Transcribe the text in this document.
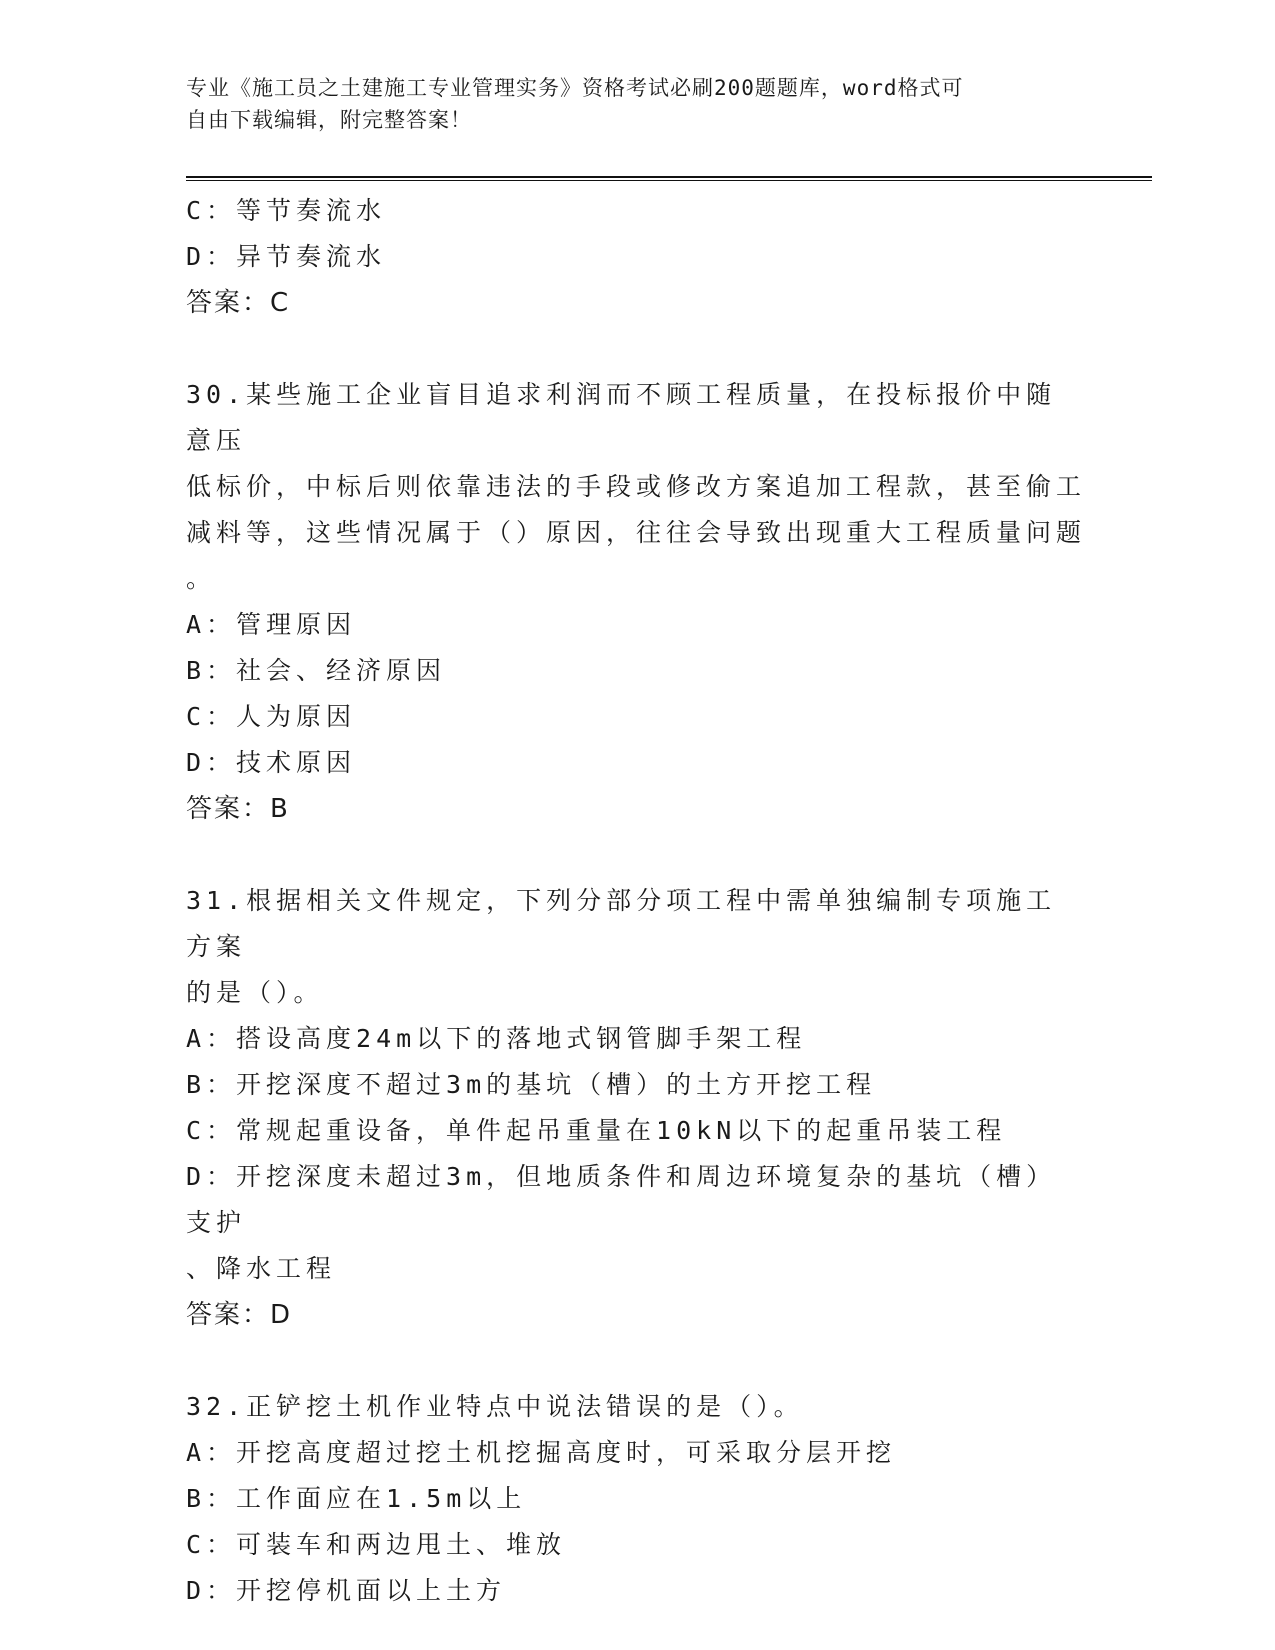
专业《施工员之土建施工专业管理实务》资格考试必刷200题题库，word格式可
自由下载编辑，附完整答案！
C：等节奏流水
D：异节奏流水
答案：C
30.某些施工企业盲目追求利润而不顾工程质量，在投标报价中随意压
低标价，中标后则依靠违法的手段或修改方案追加工程款，甚至偷工
减料等，这些情况属于（）原因，往往会导致出现重大工程质量问题
。
A：管理原因
B：社会、经济原因
C：人为原因
D：技术原因
答案：B
31.根据相关文件规定，下列分部分项工程中需单独编制专项施工方案
的是（）。
A：搭设高度24m以下的落地式钢管脚手架工程
B：开挖深度不超过3m的基坑（槽）的土方开挖工程
C：常规起重设备，单件起吊重量在10kN以下的起重吊装工程
D：开挖深度未超过3m，但地质条件和周边环境复杂的基坑（槽）支护
、降水工程
答案：D
32.正铲挖土机作业特点中说法错误的是（）。
A：开挖高度超过挖土机挖掘高度时，可采取分层开挖
B：工作面应在1.5m以上
C：可装车和两边甩土、堆放
D：开挖停机面以上土方
